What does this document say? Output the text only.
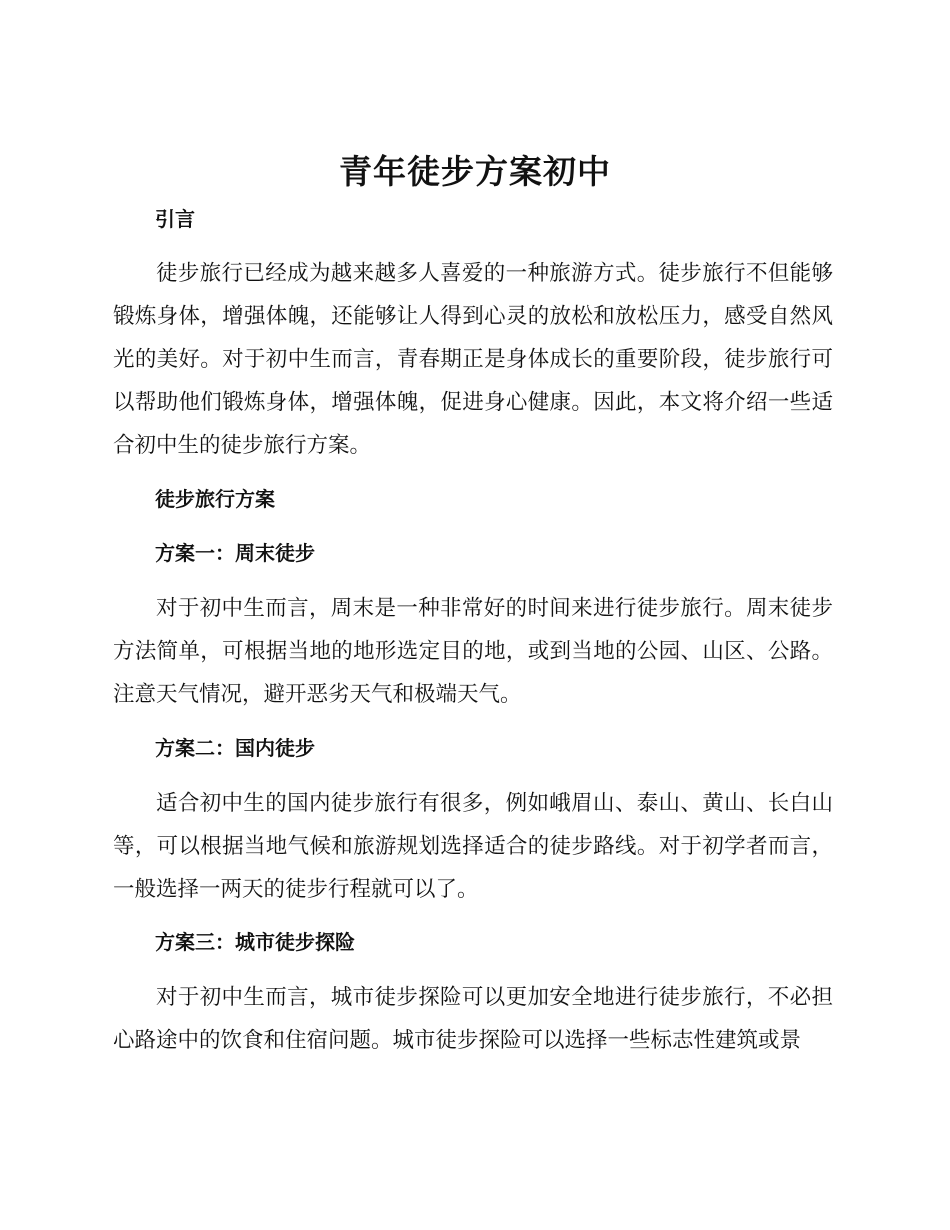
青年徒步方案初中
引言

徒步旅行已经成为越来越多人喜爱的一种旅游方式。徒步旅行不但能够锻炼身体，增强体魄，还能够让人得到心灵的放松和放松压力，感受自然风光的美好。对于初中生而言，青春期正是身体成长的重要阶段，徒步旅行可以帮助他们锻炼身体，增强体魄，促进身心健康。因此，本文将介绍一些适合初中生的徒步旅行方案。

徒步旅行方案
方案一：周末徒步

对于初中生而言，周末是一种非常好的时间来进行徒步旅行。周末徒步方法简单，可根据当地的地形选定目的地，或到当地的公园、山区、公路。注意天气情况，避开恶劣天气和极端天气。

方案二：国内徒步

适合初中生的国内徒步旅行有很多，例如峨眉山、泰山、黄山、长白山等，可以根据当地气候和旅游规划选择适合的徒步路线。对于初学者而言，一般选择一两天的徒步行程就可以了。

方案三：城市徒步探险

对于初中生而言，城市徒步探险可以更加安全地进行徒步旅行，不必担心路途中的饮食和住宿问题。城市徒步探险可以选择一些标志性建筑或景
